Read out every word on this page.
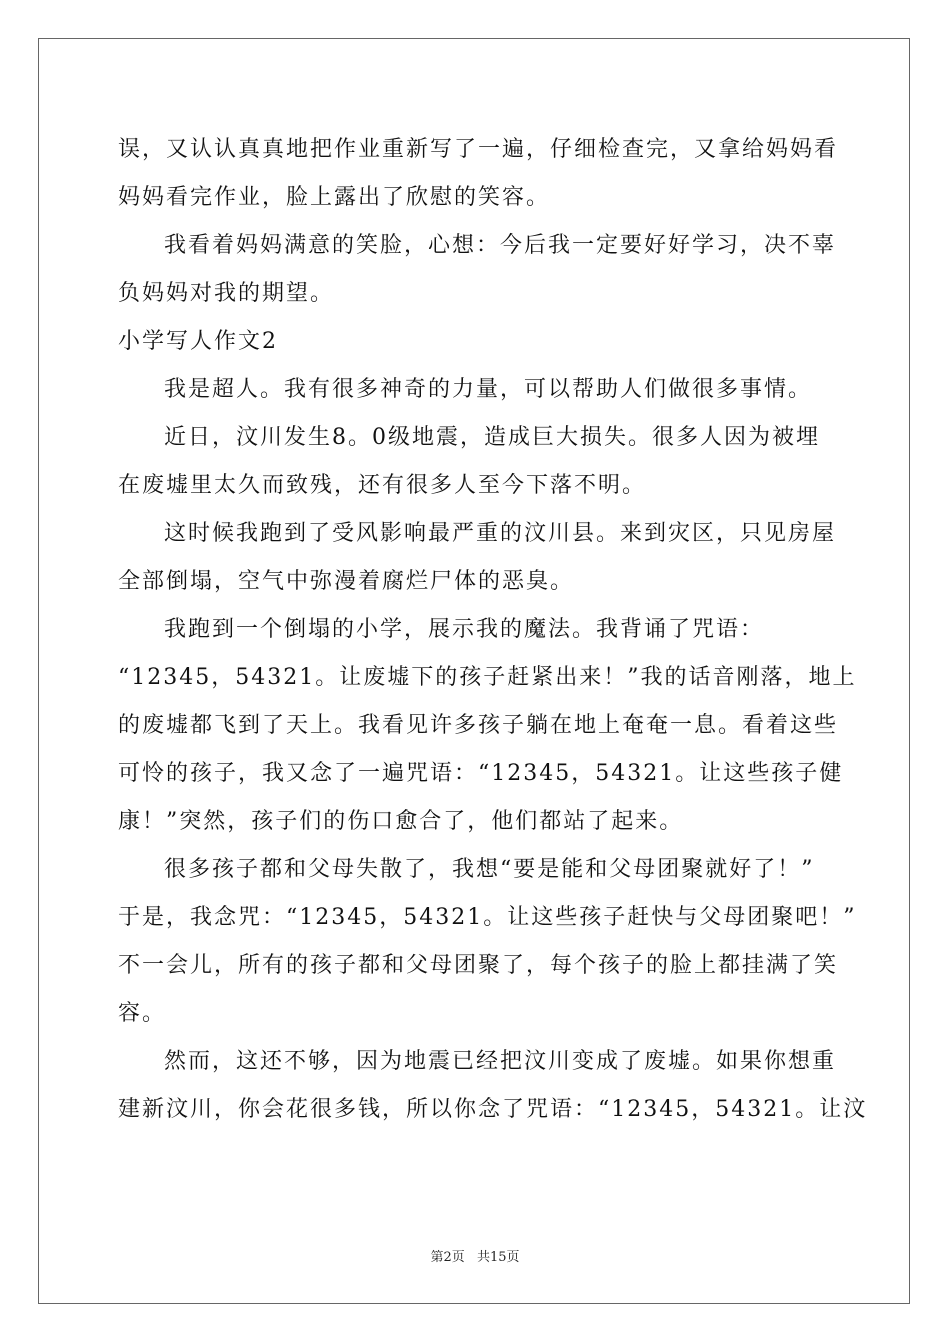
误，又认认真真地把作业重新写了一遍，仔细检查完，又拿给妈妈看
妈妈看完作业，脸上露出了欣慰的笑容。
我看着妈妈满意的笑脸，心想：今后我一定要好好学习，决不辜
负妈妈对我的期望。
小学写人作文2
我是超人。我有很多神奇的力量，可以帮助人们做很多事情。
近日，汶川发生8。0级地震，造成巨大损失。很多人因为被埋
在废墟里太久而致残，还有很多人至今下落不明。
这时候我跑到了受风影响最严重的汶川县。来到灾区，只见房屋
全部倒塌，空气中弥漫着腐烂尸体的恶臭。
我跑到一个倒塌的小学，展示我的魔法。我背诵了咒语：
“12345，54321。让废墟下的孩子赶紧出来！”我的话音刚落，地上
的废墟都飞到了天上。我看见许多孩子躺在地上奄奄一息。看着这些
可怜的孩子，我又念了一遍咒语：“12345，54321。让这些孩子健
康！”突然，孩子们的伤口愈合了，他们都站了起来。
很多孩子都和父母失散了，我想“要是能和父母团聚就好了！”
于是，我念咒：“12345，54321。让这些孩子赶快与父母团聚吧！”
不一会儿，所有的孩子都和父母团聚了，每个孩子的脸上都挂满了笑
容。
然而，这还不够，因为地震已经把汶川变成了废墟。如果你想重
建新汶川，你会花很多钱，所以你念了咒语：“12345，54321。让汶
第2页 共15页
